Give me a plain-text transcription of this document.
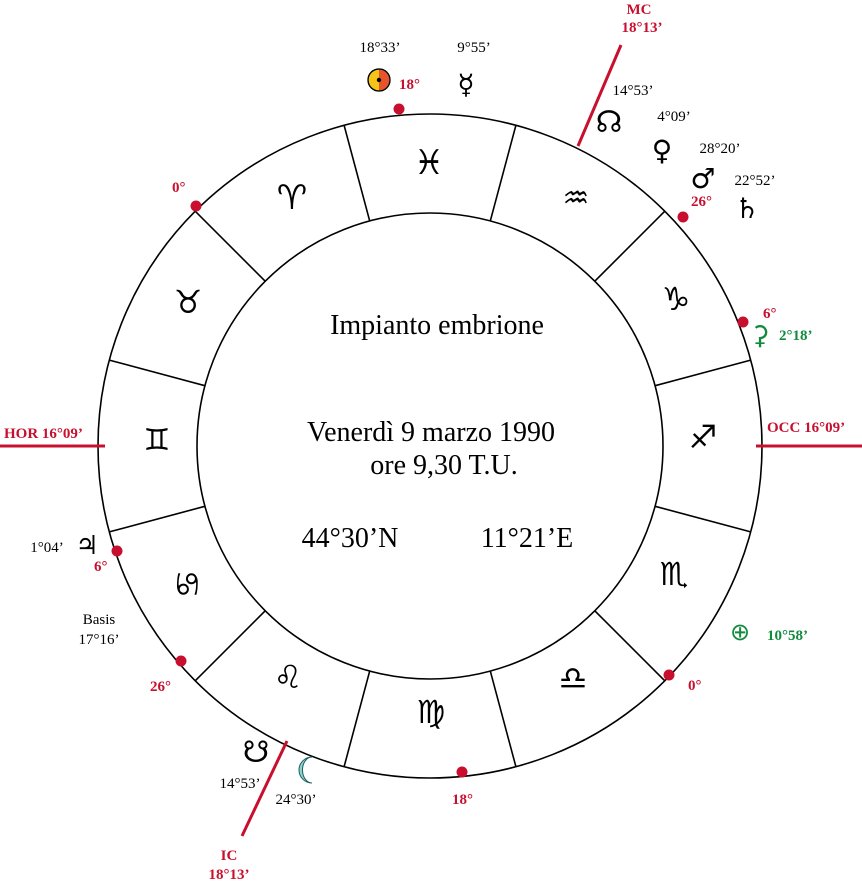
MC
18°13’
IC
18°13’
HOR 16°09’	OCC 16°09’
♓
♒
♑
♐
♏
♎
♍
♌
♋
♊
♉
♈
18°
0°
26°
6°
6°
26°	0°
18°
18°33’	9°55’
☿	14°53’
☊ 4°09’
♀ 28°20’
♂ 22°52’
♄
⚳ 2°18’
⊕ 10°58’
1°04’ ♃
Basis
17°16’
☋
14°53’
24°30’
Impianto embrione
Venerdì 9 marzo 1990
ore 9,30 T.U.
44°30’N	11°21’E
